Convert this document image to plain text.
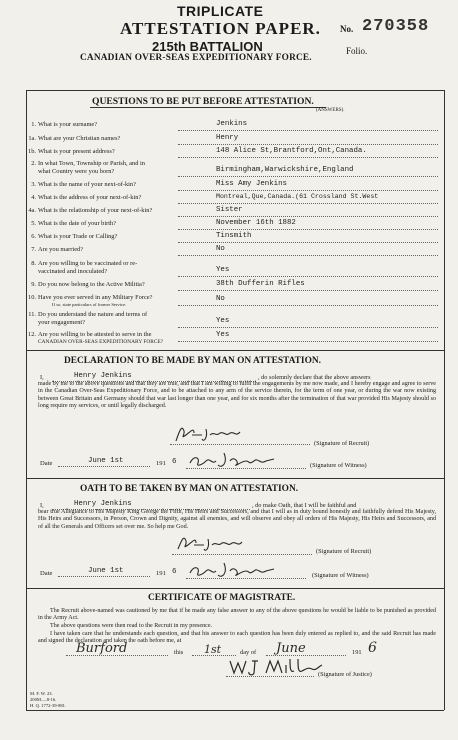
TRIPLICATE
ATTESTATION PAPER. No. 270358
215th BATTALION	Folio.
CANADIAN OVER-SEAS EXPEDITIONARY FORCE.
QUESTIONS TO BE PUT BEFORE ATTESTATION.
(ANSWERS).
1. What is your surname?	Jenkins
1a. What are your Christian names?	Henry
1b. What is your present address?	148 Alice St,Brantford,Ont,Canada.
2. In what Town, Township or Parish, and in
what Country were you born?	Birmingham,Warwickshire,England
3. What is the name of your next-of-kin?	Miss Amy Jenkins
4. What is the address of your next-of-kin?	Montreal,Que,Canada.(61 Crossland St.West
4a. What is the relationship of your next-of-kin?	Sister
5. What is the date of your birth?	November 16th 1882
6. What is your Trade or Calling?	Tinsmith
7. Are you married?	No
8. Are you willing to be vaccinated or re-
vaccinated and inoculated?	Yes
9. Do you now belong to the Active Militia?	38th Dufferin Rifles
10. Have you ever served in any Military Force?
If so, state particulars of former Service.
No
11. Do you understand the nature and terms of
your engagement?	Yes
12. Are you willing to be attested to serve in the
CANADIAN OVER-SEAS EXPEDITIONARY FORCE?
Yes
DECLARATION TO BE MADE BY MAN ON ATTESTATION.
I,	Henry Jenkins	, do solemnly declare that the above answers
made by me to the above questions and that they are true, and that I am willing to fulfil the engagements by me now made, and I hereby engage and agree to serve in the Canadian Over-Seas Expeditionary Force, and to be attached to any arm of the service therein, for the term of one year, or during the war now existing between Great Britain and Germany should that war last longer than one year, and for six months after the termination of that war provided His Majesty should so long require my services, or until legally discharged.
(Signature of Recruit)
Date	June 1st	191 6	(Signature of Witness)
OATH TO BE TAKEN BY MAN ON ATTESTATION.
I,	Henry Jenkins	, do make Oath, that I will be faithful and
bear true Allegiance to His Majesty King George the Fifth, His Heirs and Successors, and that I will as in duty bound honestly and faithfully defend His Majesty, His Heirs and Successors, in Person, Crown and Dignity, against all enemies, and will observe and obey all orders of His Majesty, His Heirs and Successors, and of all the Generals and Officers set over me. So help me God.
(Signature of Recruit)
Date	June 1st	191 6	(Signature of Witness)
CERTIFICATE OF MAGISTRATE.
The Recruit above-named was cautioned by me that if he made any false answer to any of the above questions he would be liable to be punished as provided in the Army Act.
The above questions were then read to the Recruit in my presence.
I have taken care that he understands each question, and that his answer to each question has been duly entered as replied to, and the said Recruit has made and signed the declaration and taken the oath before me, at
Burford	this 1st	day of June	191 6
(Signature of Justice)
M. F. W. 23.
200M.—8-16.
H. Q. 1772-39-881.
